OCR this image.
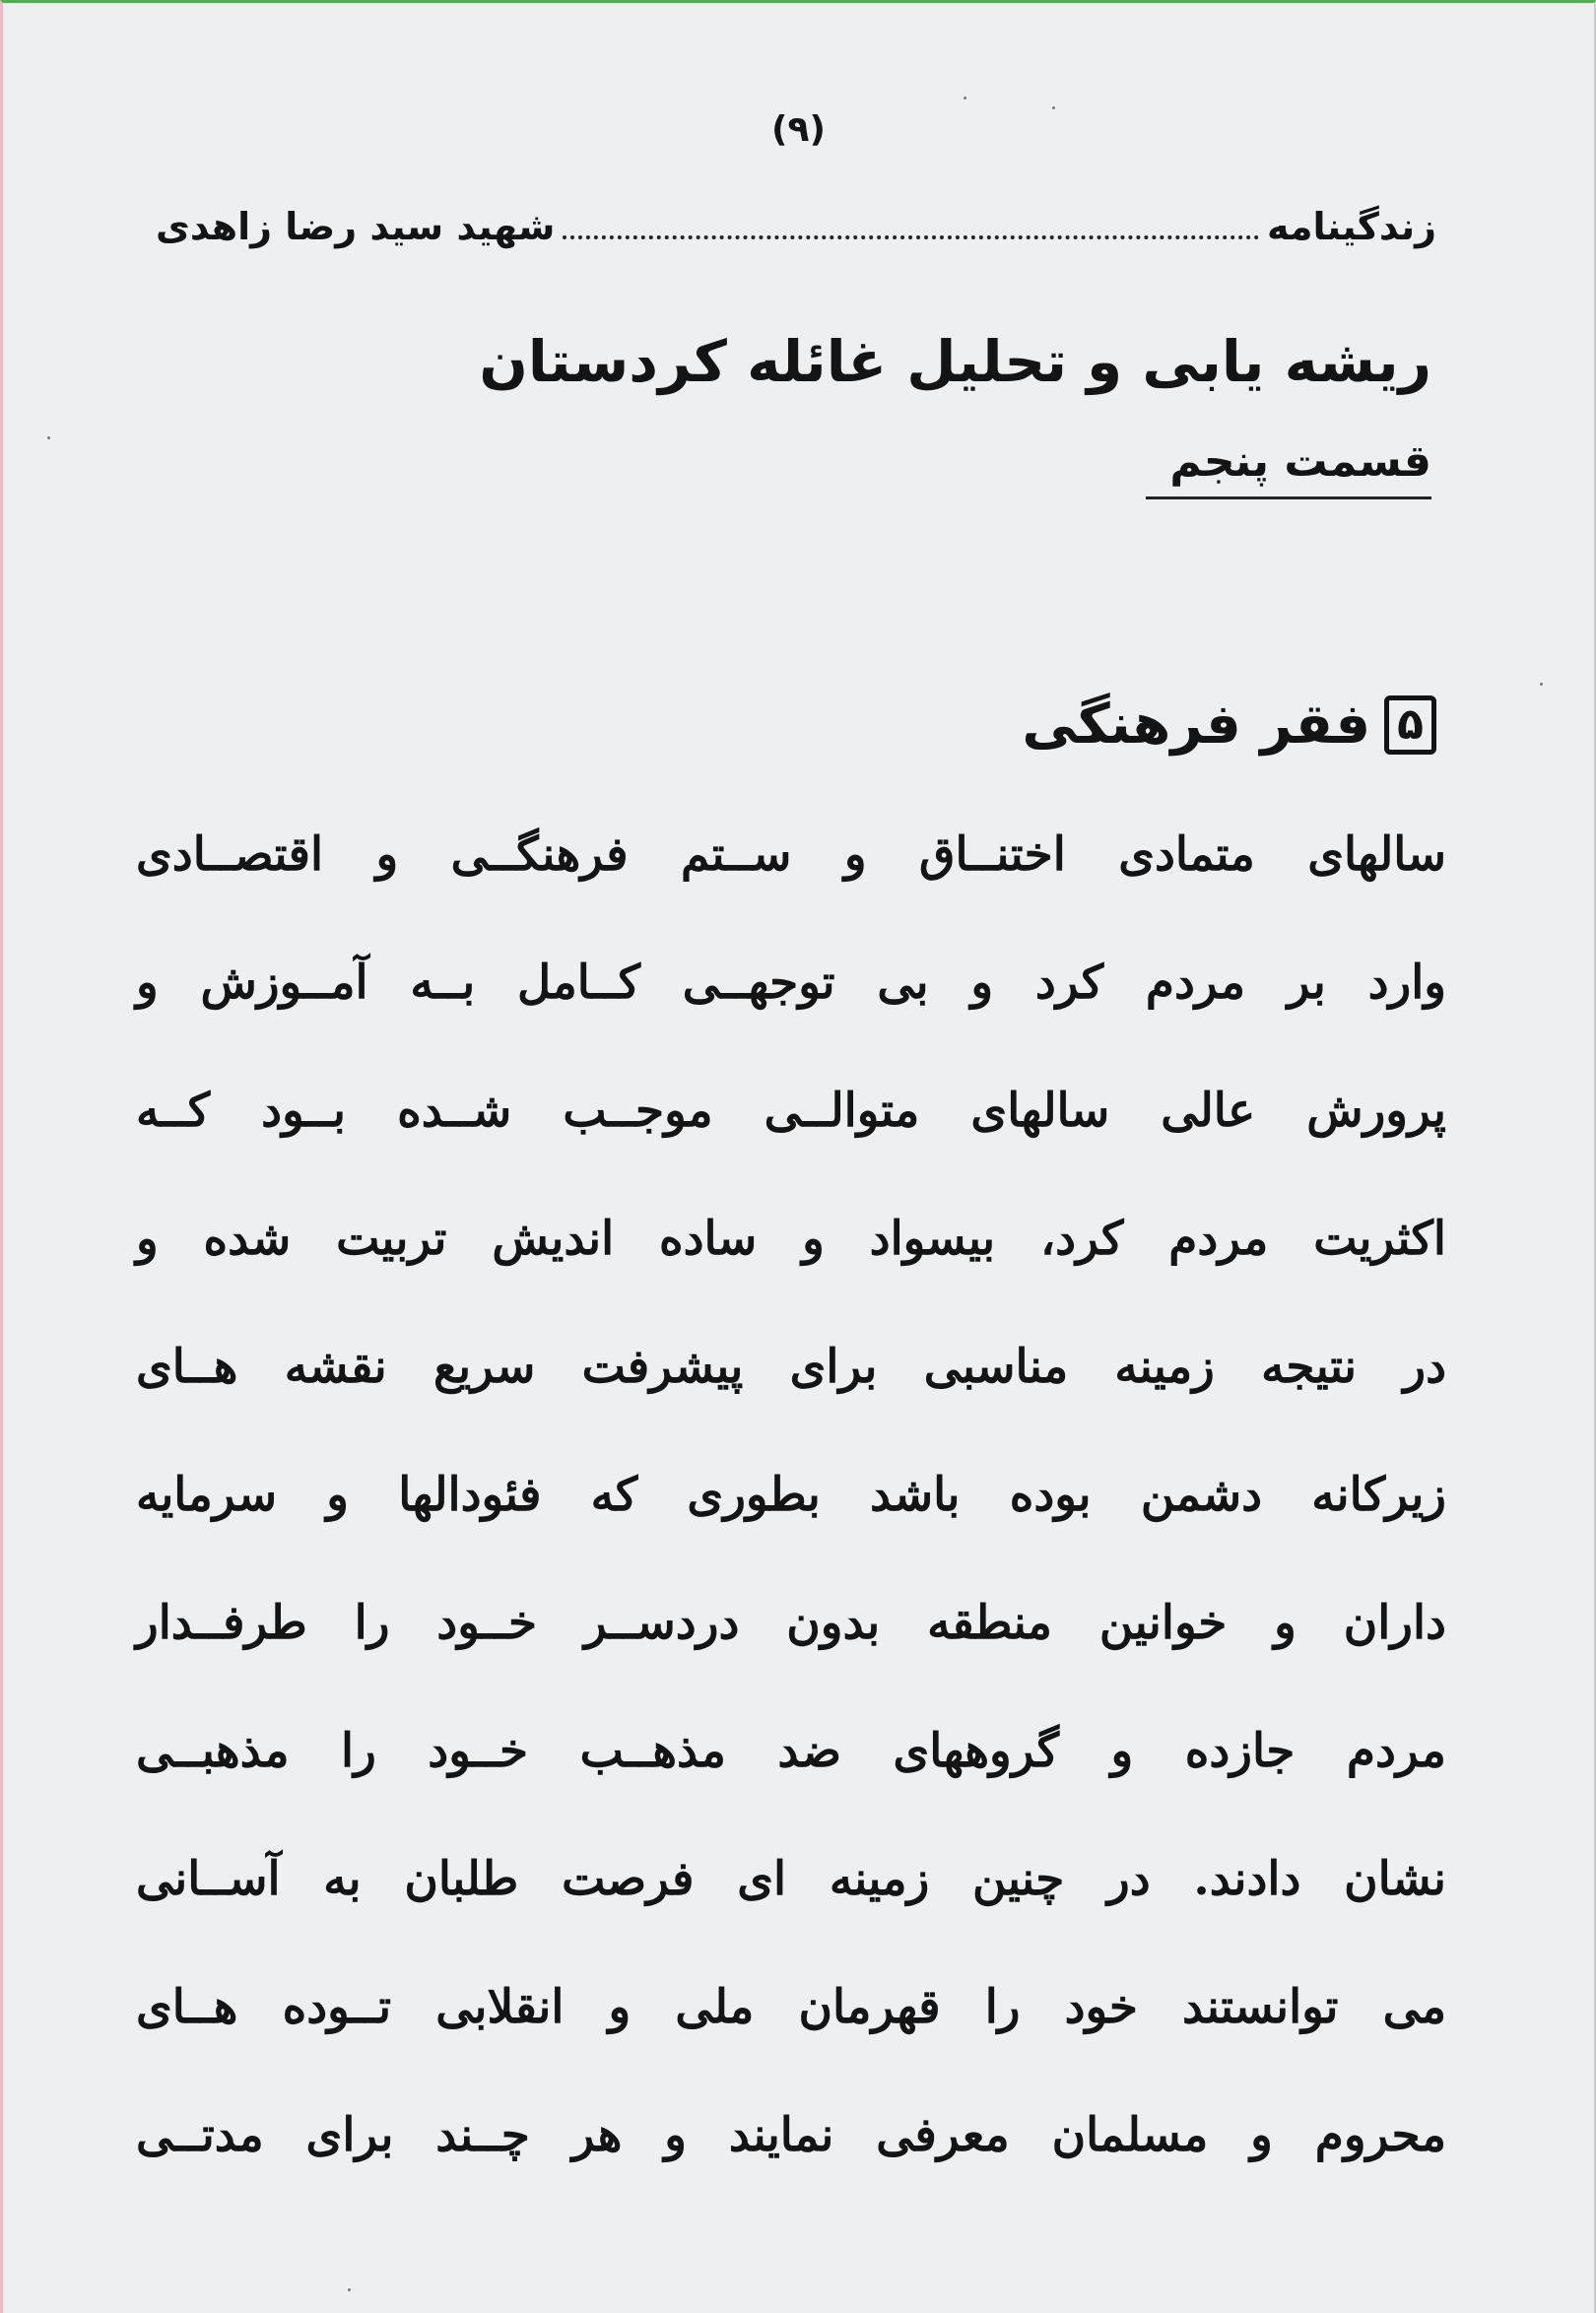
(۹)
زندگینامه
شهید سید رضا زاهدی
ریشه یابی و تحلیل غائله کردستان
قسمت پنجم
۵
فقر فرهنگی
سالهای متمادی اختنــاق و ســتم فرهنگــی و اقتصــادی
وارد بر مردم کرد و بی توجهــی کــامل بــه آمــوزش و
پرورش عالی سالهای متوالــی موجــب شــده بــود کــه
اکثریت مردم کرد، بیسواد و ساده اندیش تربیت شده و
در نتیجه زمینه مناسبی برای پیشرفت سریع نقشه هــای
زیرکانه دشمن بوده باشد بطوری که فئودالها و سرمایه
داران و خوانین منطقه بدون دردســر خــود را طرفــدار
مردم جازده و گروههای ضد مذهــب خــود را مذهبــی
نشان دادند. در چنین زمینه ای فرصت طلبان به آســانی
می توانستند خود را قهرمان ملی و انقلابی تــوده هــای
محروم و مسلمان معرفی نمایند و هر چــند برای مدتــی
